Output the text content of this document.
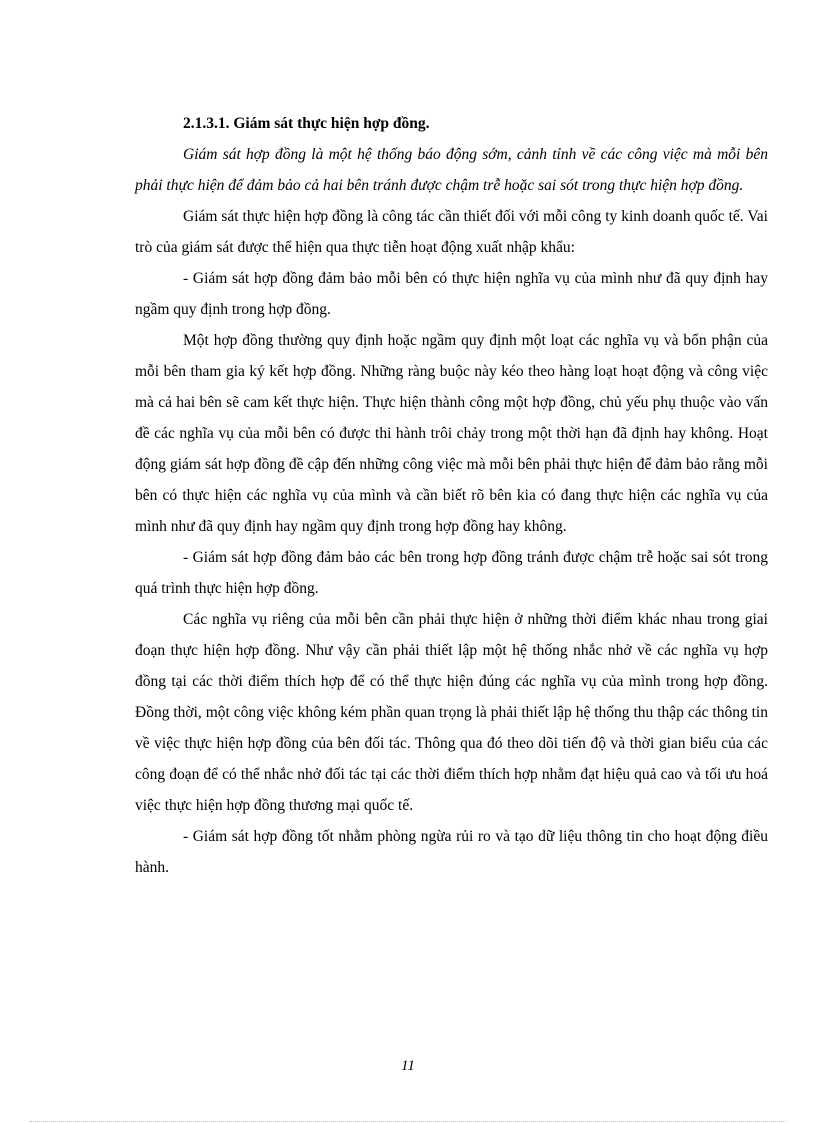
2.1.3.1. Giám sát thực hiện hợp đồng.

Giám sát hợp đồng là một hệ thống báo động sớm, cảnh tỉnh về các công việc mà mỗi bên phải thực hiện để đảm bảo cả hai bên tránh được chậm trễ hoặc sai sót trong thực hiện hợp đồng.

Giám sát thực hiện hợp đồng là công tác cần thiết đối với mỗi công ty kinh doanh quốc tế. Vai trò của giám sát được thể hiện qua thực tiễn hoạt động xuất nhập khẩu:

- Giám sát hợp đồng đảm bảo mỗi bên có thực hiện nghĩa vụ của mình như đã quy định hay ngầm quy định trong hợp đồng.

Một hợp đồng thường quy định hoặc ngầm quy định một loạt các nghĩa vụ và bổn phận của mỗi bên tham gia ký kết hợp đồng. Những ràng buộc này kéo theo hàng loạt hoạt động và công việc mà cả hai bên sẽ cam kết thực hiện. Thực hiện thành công một hợp đồng, chủ yếu phụ thuộc vào vấn đề các nghĩa vụ của mỗi bên có được thi hành trôi chảy trong một thời hạn đã định hay không. Hoạt động giám sát hợp đồng đề cập đến những công việc mà mỗi bên phải thực hiện để đảm bảo rằng mỗi bên có thực hiện các nghĩa vụ của mình và cần biết rõ bên kia có đang thực hiện các nghĩa vụ của mình như đã quy định hay ngầm quy định trong hợp đồng hay không.

- Giám sát hợp đồng đảm bảo các bên trong hợp đồng tránh được chậm trễ hoặc sai sót trong quá trình thực hiện hợp đồng.

Các nghĩa vụ riêng của mỗi bên cần phải thực hiện ở những thời điểm khác nhau trong giai đoạn thực hiện hợp đồng. Như vậy cần phải thiết lập một hệ thống nhắc nhở về các nghĩa vụ hợp đồng tại các thời điểm thích hợp để có thể thực hiện đúng các nghĩa vụ của mình trong hợp đồng. Đồng thời, một công việc không kém phần quan trọng là phải thiết lập hệ thống thu thập các thông tin về việc thực hiện hợp đồng của bên đối tác. Thông qua đó theo dõi tiến độ và thời gian biểu của các công đoạn để có thể nhắc nhở đối tác tại các thời điểm thích hợp nhằm đạt hiệu quả cao và tối ưu hoá việc thực hiện hợp đồng thương mại quốc tế.

- Giám sát hợp đồng tốt nhằm phòng ngừa rủi ro và tạo dữ liệu thông tin cho hoạt động điều hành.

11
